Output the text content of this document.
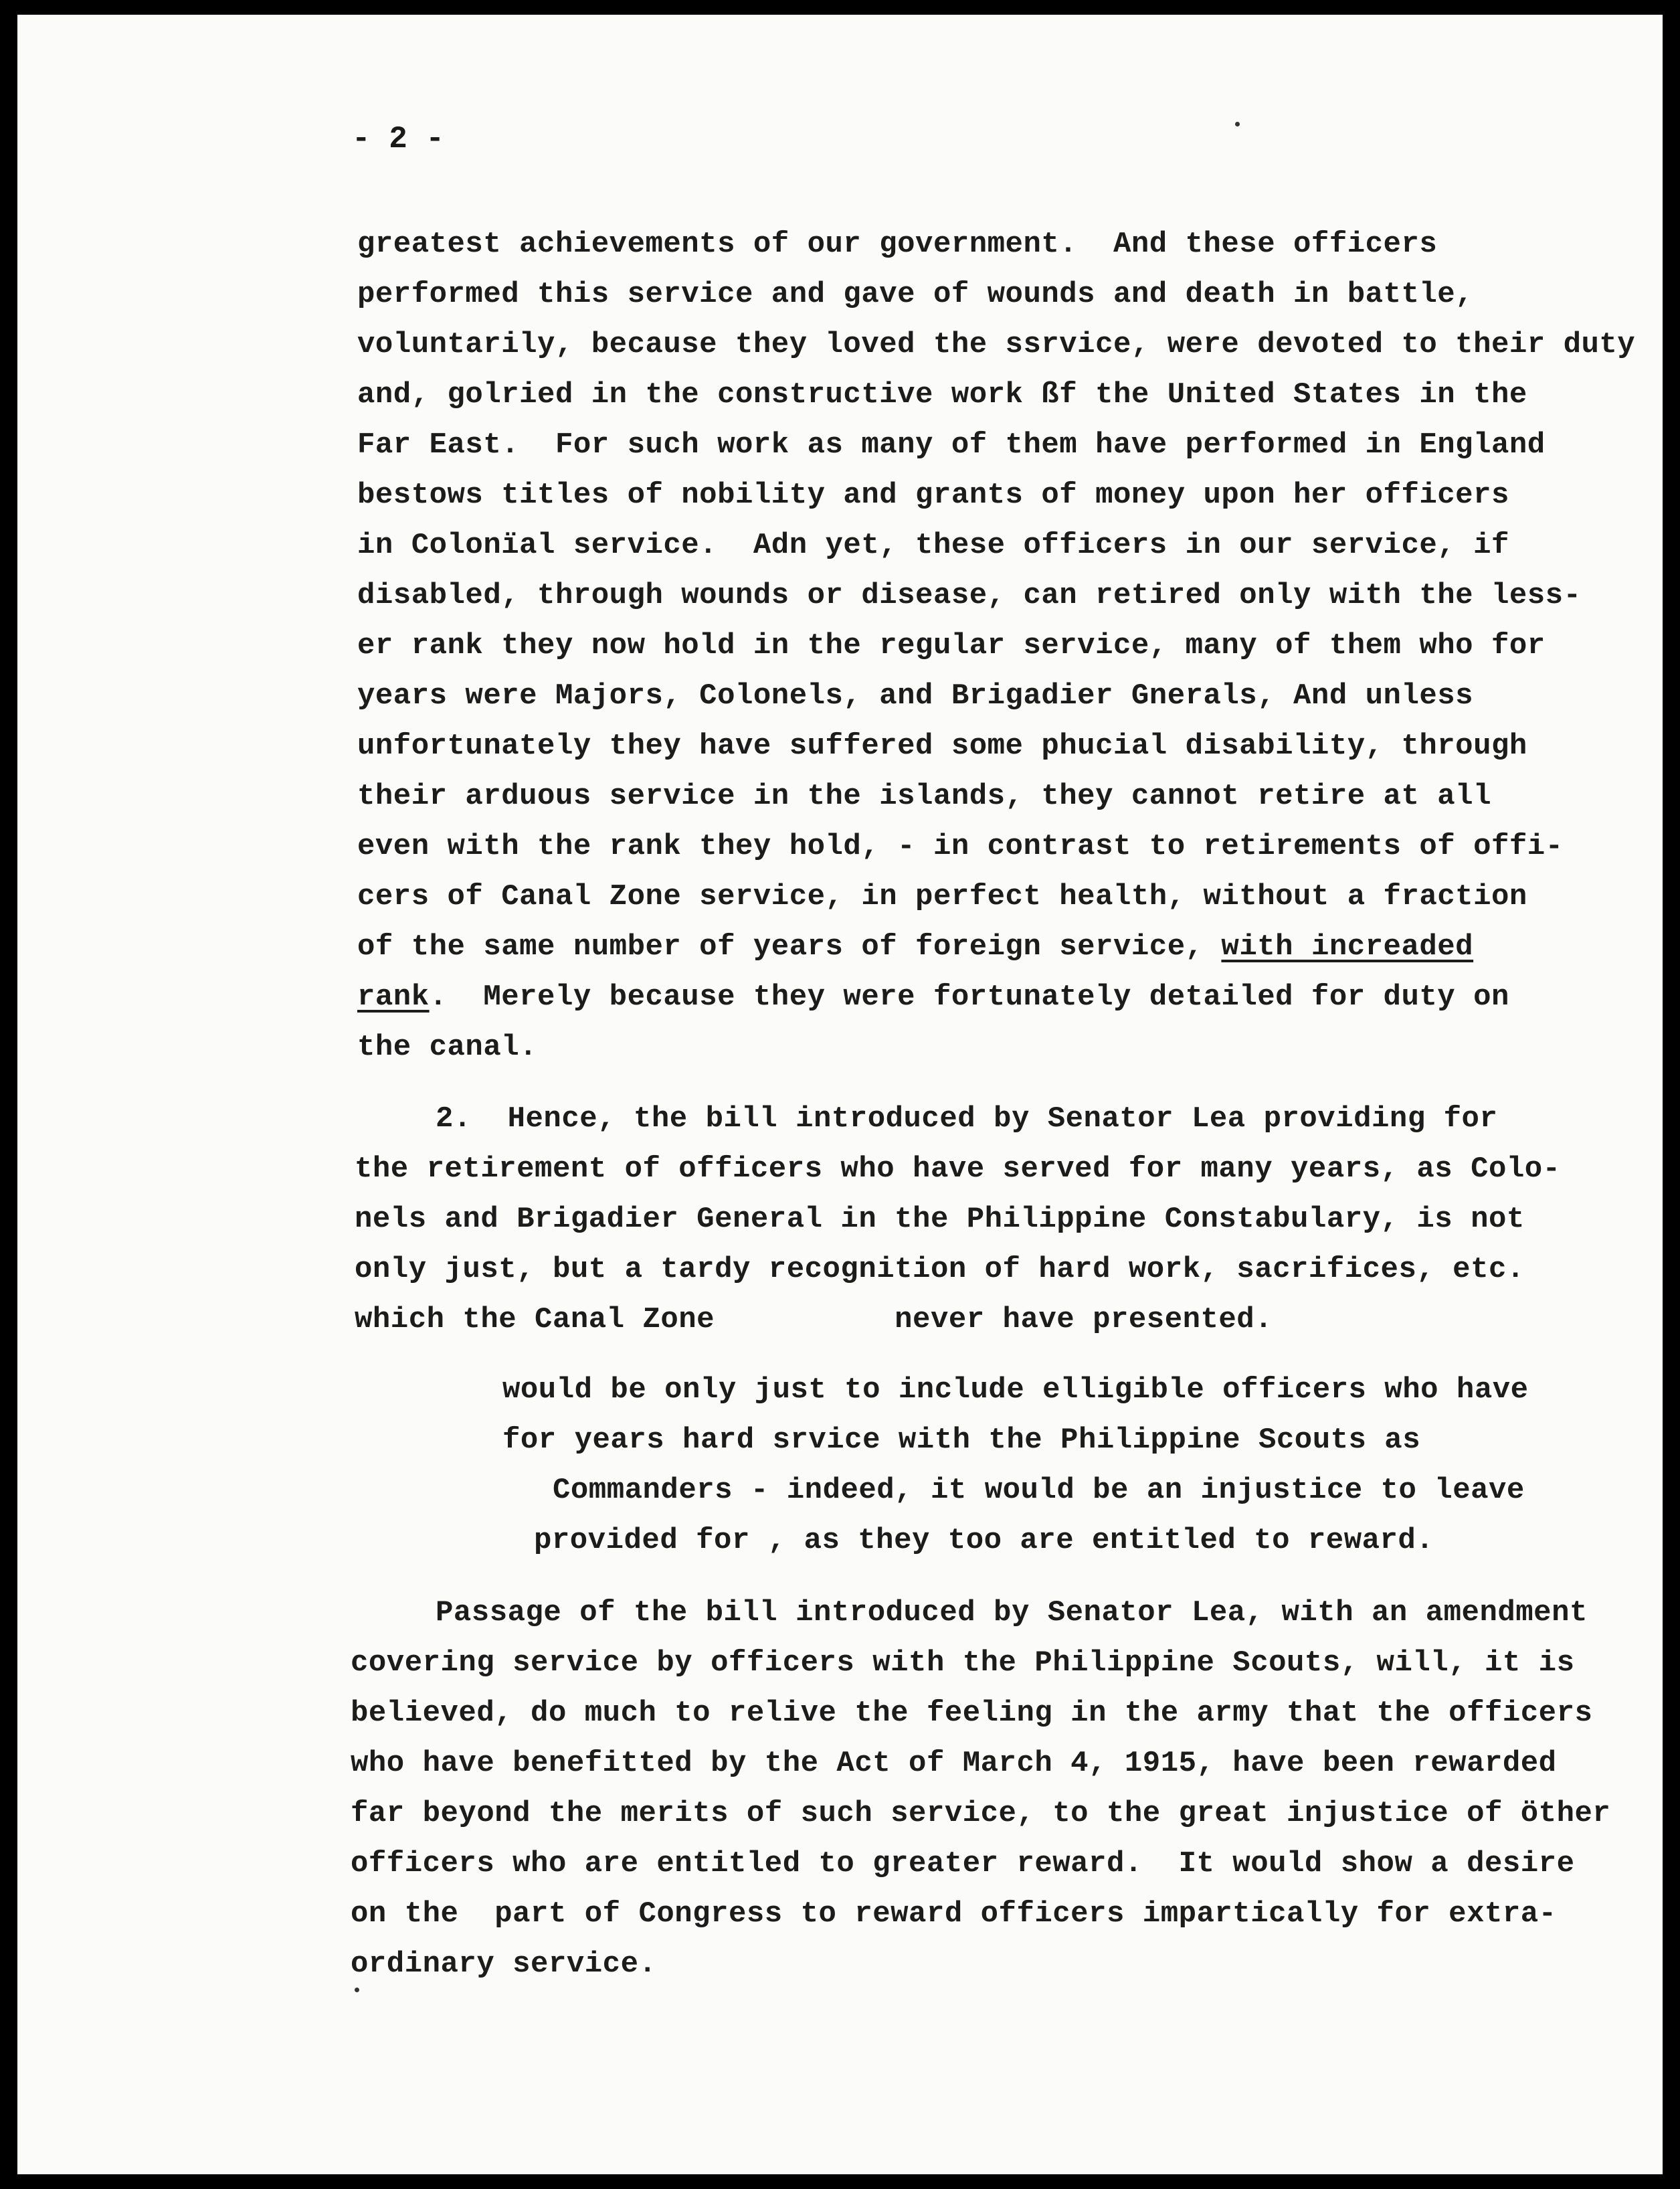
- 2 -
greatest achievements of our government.  And these officers
performed this service and gave of wounds and death in battle,
voluntarily, because they loved the ssrvice, were devoted to their duty
and, golried in the constructive work ßf the United States in the
Far East.  For such work as many of them have performed in England
bestows titles of nobility and grants of money upon her officers
in Colonïal service.  Adn yet, these officers in our service, if
disabled, through wounds or disease, can retired only with the less-
er rank they now hold in the regular service, many of them who for
years were Majors, Colonels, and Brigadier Gnerals, And unless
unfortunately they have suffered some phucial disability, through
their arduous service in the islands, they cannot retire at all
even with the rank they hold, - in contrast to retirements of offi-
cers of Canal Zone service, in perfect health, without a fraction
of the same number of years of foreign service, with increaded
rank.  Merely because they were fortunately detailed for duty on
the canal.
2.  Hence, the bill introduced by Senator Lea providing for
the retirement of officers who have served for many years, as Colo-
nels and Brigadier General in the Philippine Constabulary, is not
only just, but a tardy recognition of hard work, sacrifices, etc.
which the Canal Zone          never have presented.
would be only just to include elligible officers who have
for years hard srvice with the Philippine Scouts as
Commanders - indeed, it would be an injustice to leave
provided for , as they too are entitled to reward.
Passage of the bill introduced by Senator Lea, with an amendment
covering service by officers with the Philippine Scouts, will, it is
believed, do much to relive the feeling in the army that the officers
who have benefitted by the Act of March 4, 1915, have been rewarded
far beyond the merits of such service, to the great injustice of öther
officers who are entitled to greater reward.  It would show a desire
on the  part of Congress to reward officers impartically for extra-
ordinary service.
